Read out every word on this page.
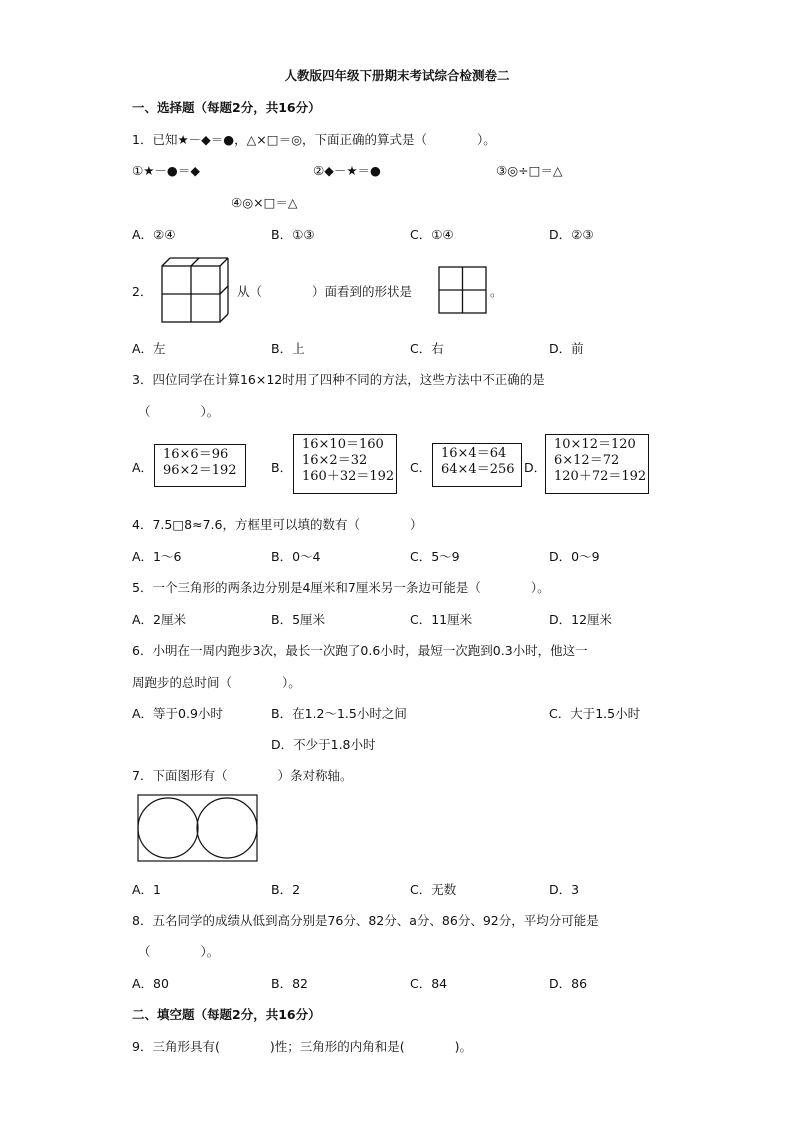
人教版四年级下册期末考试综合检测卷二
一、选择题（每题2分，共16分）
1．已知★－◆＝●，△×□＝◎，下面正确的算式是（　　　　）。
①★－●＝◆	②◆－★＝●	③◎÷□＝△
④◎×□＝△
A．②④	B．①③	C．①④	D．②③
2．	从（　　　　）面看到的形状是	。
A．左	B．上	C．右	D．前
3．四位同学在计算16×12时用了四种不同的方法，这些方法中不正确的是
（　　　　）。
A．
16×6＝96
96×2＝192	B．
16×10＝160
16×2＝32
160＋32＝192
C．
16×4＝64
64×4＝256 D．
10×12＝120
6×12＝72
120＋72＝192
4．7.5□8≈7.6，方框里可以填的数有（　　　　）
A．1～6	B．0～4	C．5～9	D．0～9
5．一个三角形的两条边分别是4厘米和7厘米另一条边可能是（　　　　）。
A．2厘米	B．5厘米	C．11厘米	D．12厘米
6．小明在一周内跑步3次，最长一次跑了0.6小时，最短一次跑到0.3小时，他这一
周跑步的总时间（　　　　）。
A．等于0.9小时	B．在1.2～1.5小时之间	C．大于1.5小时
D．不少于1.8小时
7．下面图形有（　　　　）条对称轴。
A．1	B．2	C．无数	D．3
8．五名同学的成绩从低到高分别是76分、82分、a分、86分、92分，平均分可能是
（　　　　）。
A．80	B．82	C．84	D．86
二、填空题（每题2分，共16分）
9．三角形具有(　　　　)性；三角形的内角和是(　　　　)。
